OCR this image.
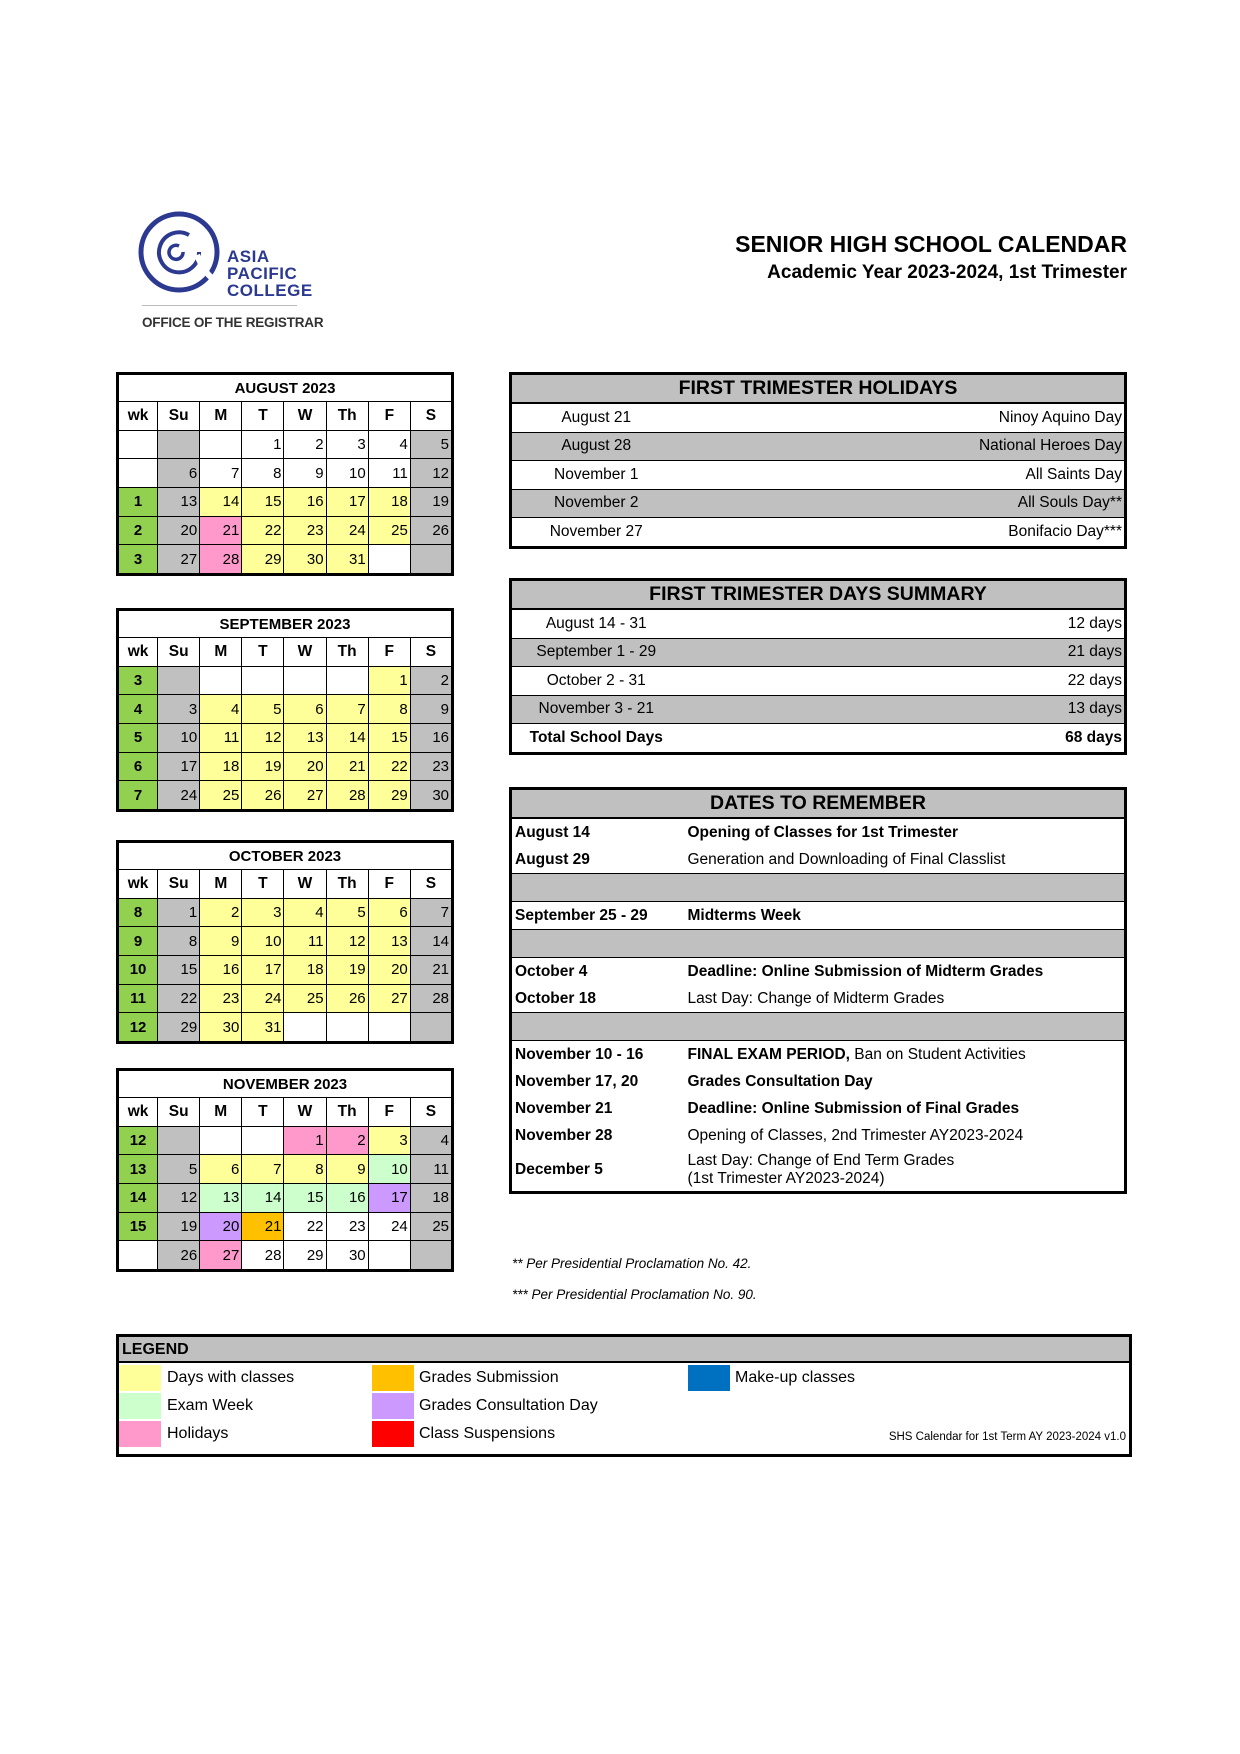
ASIA
PACIFIC
COLLEGE
OFFICE OF THE REGISTRAR
SENIOR HIGH SCHOOL CALENDAR
Academic Year 2023-2024, 1st Trimester
AUGUST 2023							
wk	Su	M	T	W	Th	F	S
			1	2	3	4	5
	6	7	8	9	10	11	12
1	13	14	15	16	17	18	19
2	20	21	22	23	24	25	26
3	27	28	29	30	31		
SEPTEMBER 2023							
wk	Su	M	T	W	Th	F	S
3						1	2
4	3	4	5	6	7	8	9
5	10	11	12	13	14	15	16
6	17	18	19	20	21	22	23
7	24	25	26	27	28	29	30
OCTOBER 2023							
wk	Su	M	T	W	Th	F	S
8	1	2	3	4	5	6	7
9	8	9	10	11	12	13	14
10	15	16	17	18	19	20	21
11	22	23	24	25	26	27	28
12	29	30	31				
NOVEMBER 2023							
wk	Su	M	T	W	Th	F	S
12				1	2	3	4
13	5	6	7	8	9	10	11
14	12	13	14	15	16	17	18
15	19	20	21	22	23	24	25
	26	27	28	29	30		
FIRST TRIMESTER HOLIDAYS	
August 21	Ninoy Aquino Day
August 28	National Heroes Day
November 1	All Saints Day
November 2	All Souls Day**
November 27	Bonifacio Day***
FIRST TRIMESTER DAYS SUMMARY	
August 14 - 31	12 days
September 1 - 29	21 days
October 2 - 31	22 days
November 3 - 21	13 days
Total School Days	68 days
DATES TO REMEMBER	
August 14	Opening of Classes for 1st Trimester
August 29	Generation and Downloading of Final Classlist

September 25 - 29	Midterms Week

October 4	Deadline: Online Submission of Midterm Grades
October 18	Last Day: Change of Midterm Grades

November 10 - 16	FINAL EXAM PERIOD, Ban on Student Activities
November 17, 20	Grades Consultation Day
November 21	Deadline: Online Submission of Final Grades
November 28	Opening of Classes, 2nd Trimester AY2023-2024
December 5	Last Day: Change of End Term Grades
(1st Trimester AY2023-2024)
** Per Presidential Proclamation No. 42.
*** Per Presidential Proclamation No. 90.
LEGEND
Days with classes
Exam Week
Holidays
Grades Submission
Grades Consultation Day
Class Suspensions
Make-up classes
SHS Calendar for 1st Term AY 2023-2024 v1.0
